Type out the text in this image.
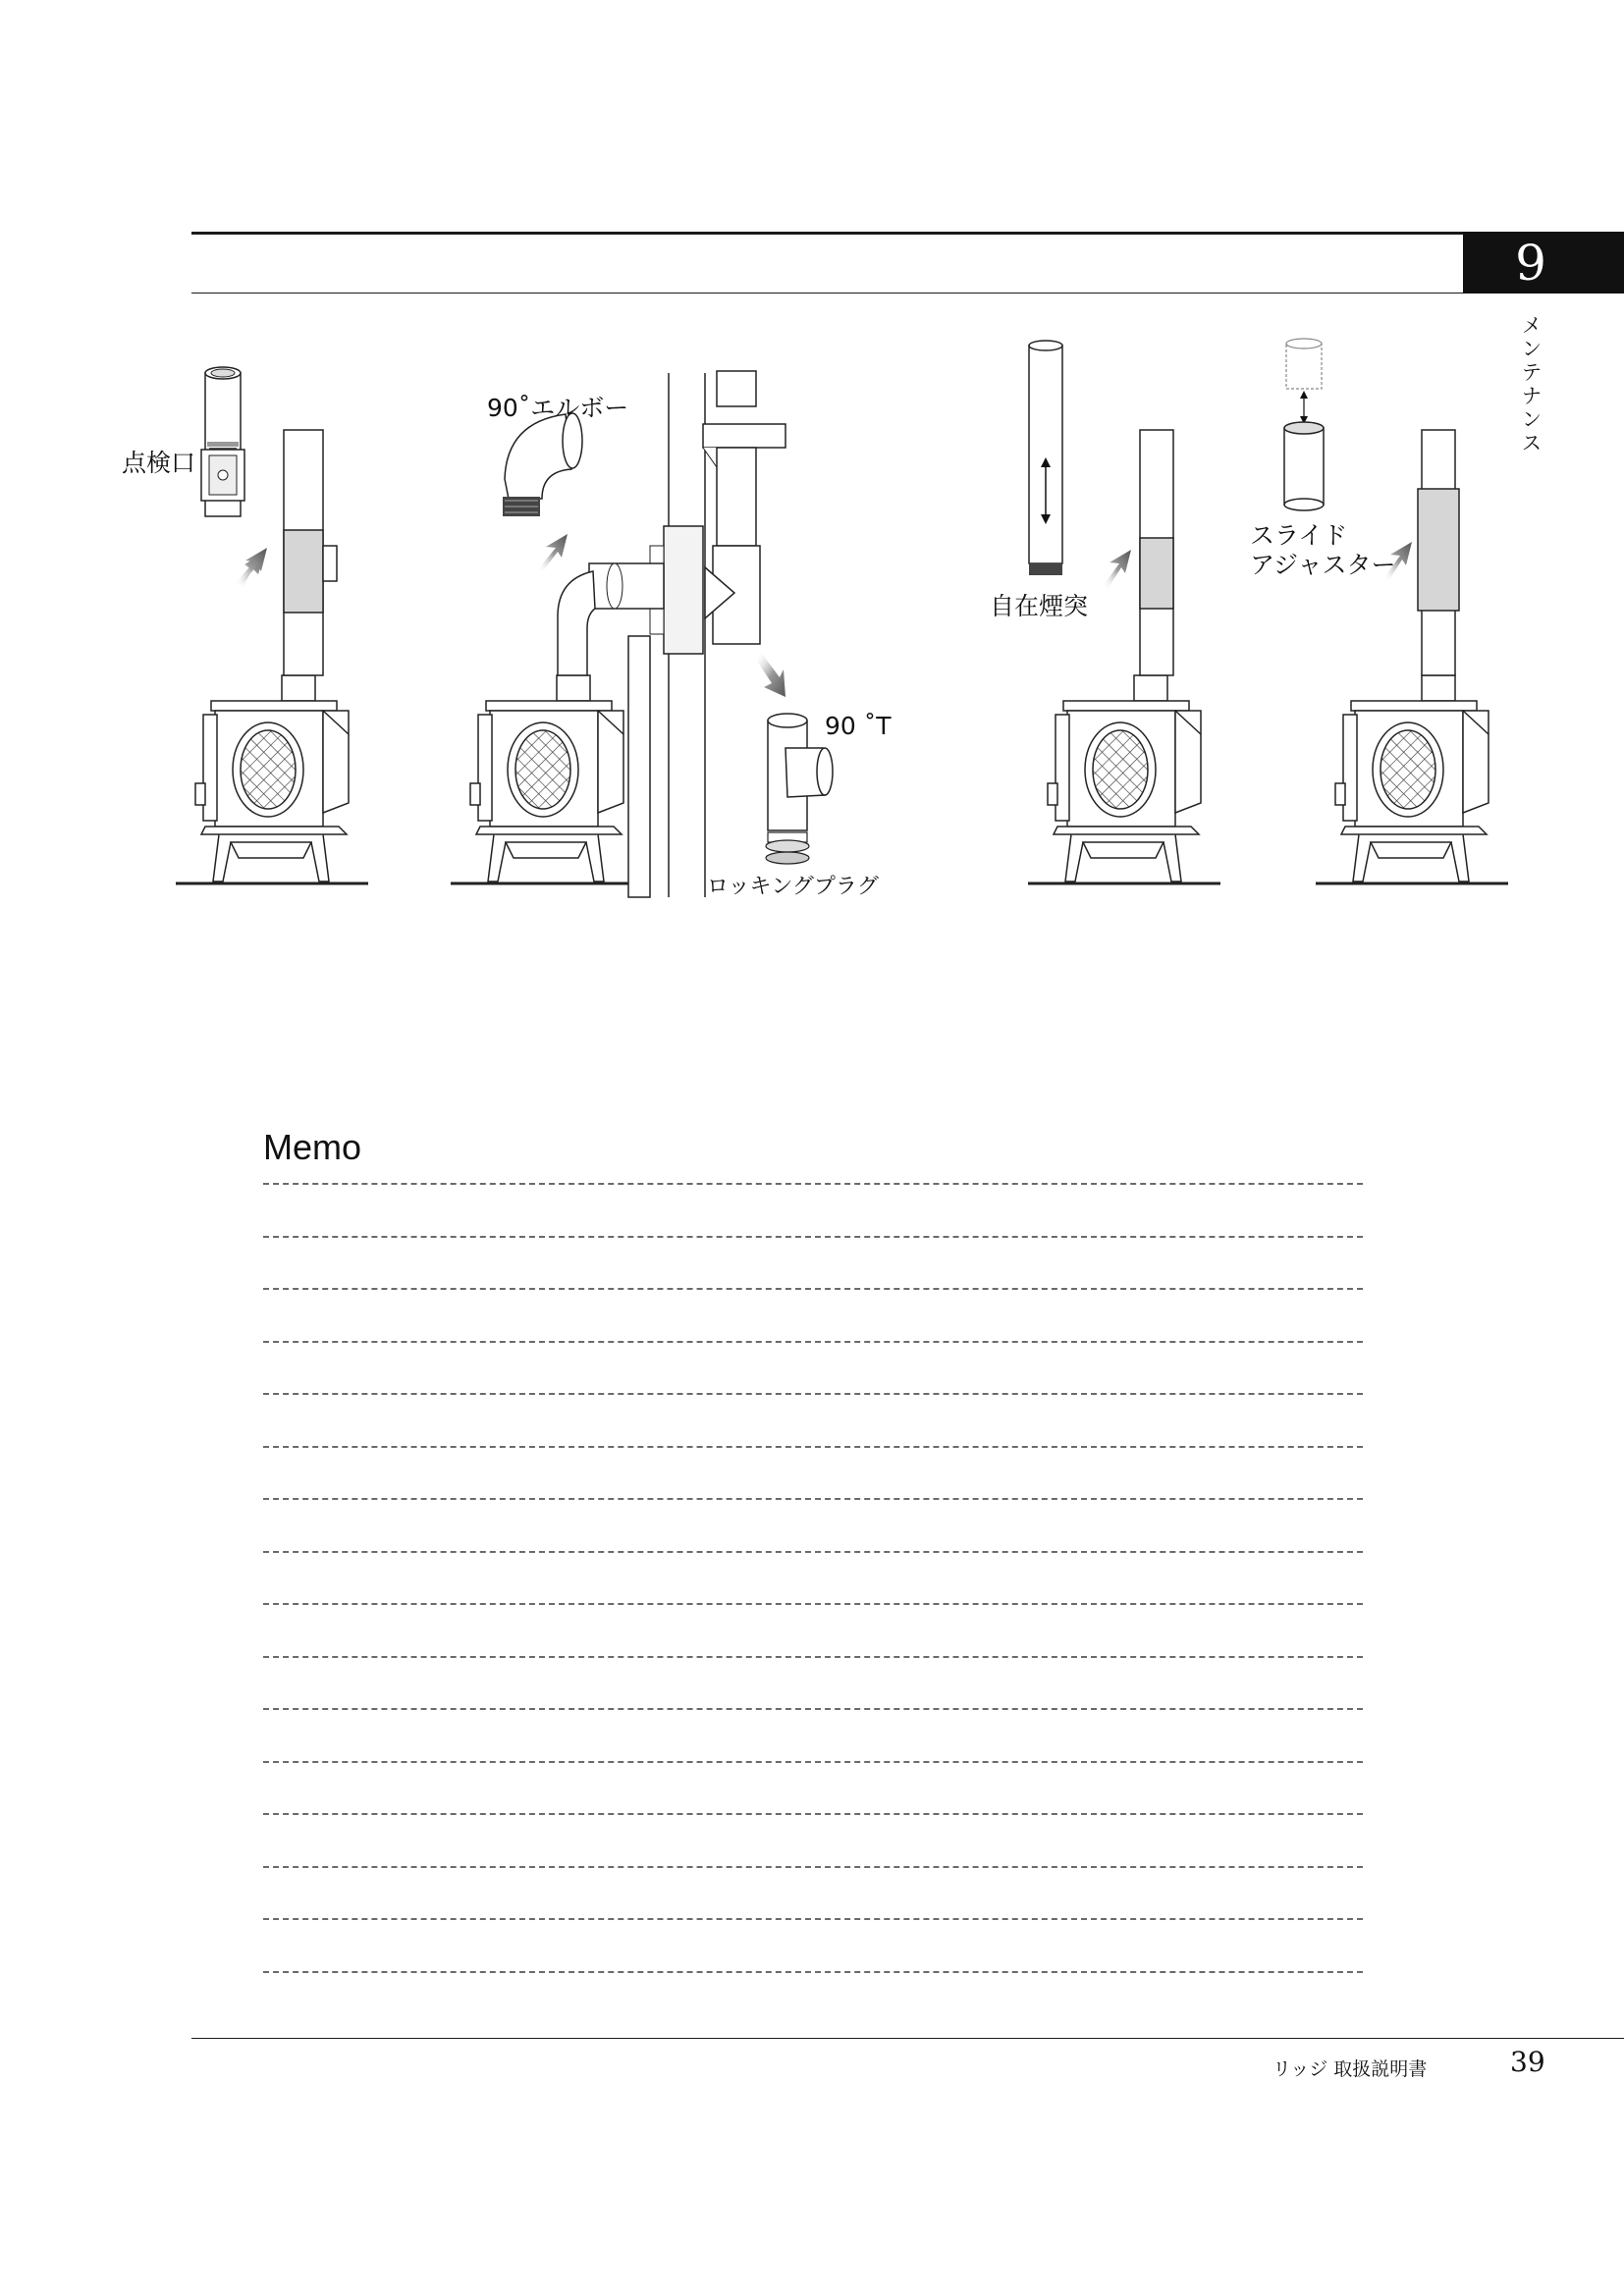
9
メンテナンス
点検口
90˚エルボー
90 ˚T
ロッキングプラグ
自在煙突
スライド
アジャスター
Memo
リッジ 取扱説明書	39
